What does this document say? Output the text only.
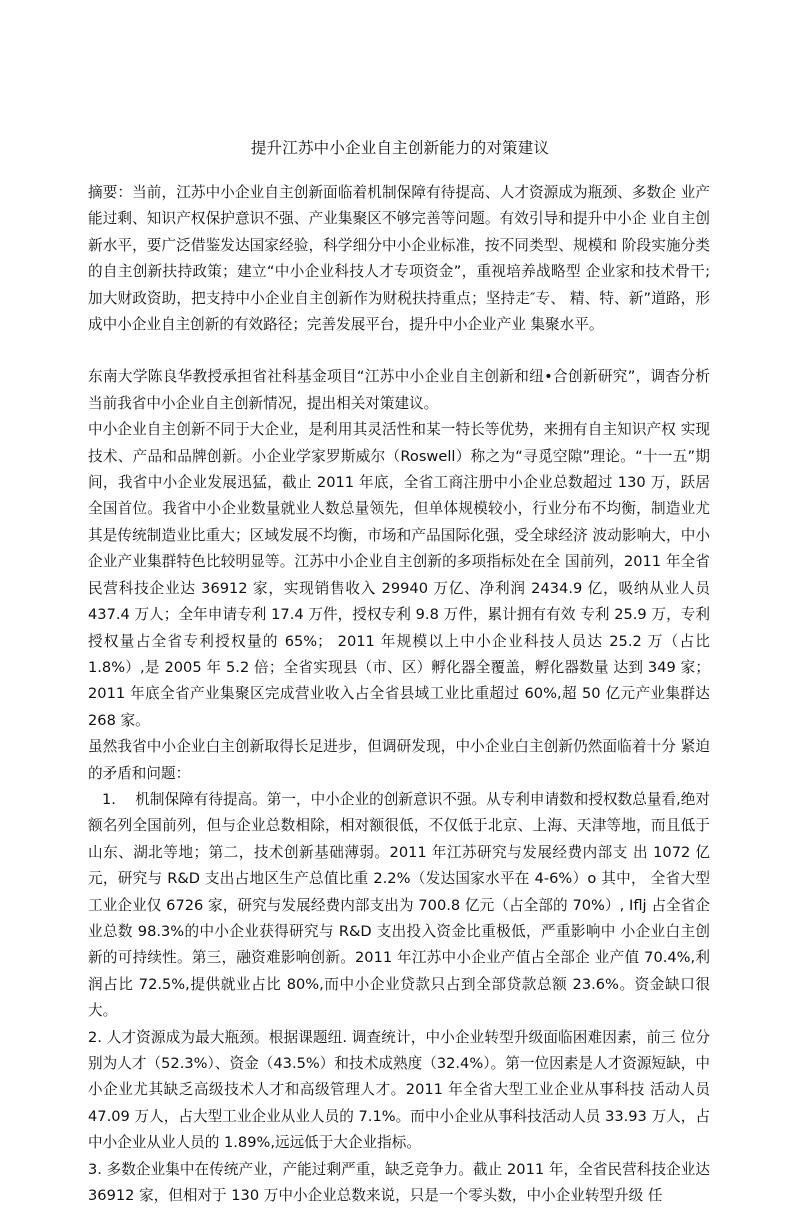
提升江苏中小企业自主创新能力的对策建议

摘要：当前，江苏中小企业自主创新面临着机制保障有待提高、人才资源成为瓶颈、多数企 业产能过剩、知识产权保护意识不强、产业集聚区不够完善等问题。有效引导和提升中小企 业自主创新水平，要广泛借鉴发达国家经验，科学细分中小企业标准，按不同类型、规模和 阶段实施分类的自主创新扶持政策；建立“中小企业科技人才专项资金”，重视培养战略型 企业家和技术骨干;加大财政资助，把支持中小企业自主创新作为财税扶持重点；坚持走″专、 精、特、新”道路，形成中小企业自主创新的有效路径；完善发展平台，提升中小企业产业 集聚水平。

东南大学陈良华教授承担省社科基金项目“江苏中小企业自主创新和纽•合创新研究”，调杳分析当前我省中小企业自主创新情况，提出相关对策建议。

中小企业自主创新不同于大企业，是利用其灵活性和某一特长等优势，来拥有自主知识产权 实现技术、产品和品牌创新。小企业学家罗斯威尔（Roswell）称之为“寻觅空隙”理论。“十一五”期间，我省中小企业发展迅猛，截止 2011 年底，全省工商注册中小企业总数超过 130 万，跃居全国首位。我省中小企业数量就业人数总量领先，但单体规模较小，行业分布不均衡，制造业尤其是传统制造业比重大；区域发展不均衡，市场和产品国际化强，受全球经济 波动影响大，中小企业产业集群特色比较明显等。江苏中小企业自主创新的多项指标处在全 国前列，2011 年全省民营科技企业达 36912 家，实现销售收入 29940 万亿、净利润 2434.9 亿，吸纳从业人员 437.4 万人；全年申请专利 17.4 万件，授权专利 9.8 万件，累计拥有有效 专利 25.9 万，专利授权量占全省专利授权量的 65%； 2011 年规模以上中小企业科技人员达 25.2 万（占比 1.8%）,是 2005 年 5.2 倍；全省实现县（市、区）孵化器全覆盖，孵化器数量 达到 349 家；2011 年底全省产业集聚区完成营业收入占全省县域工业比重超过 60%,超 50 亿元产业集群达 268 家。

虽然我省中小企业白主创新取得长足进步，但调研发现，中小企业白主创新仍然面临着十分 紧迫的矛盾和问题：

1.　 机制保障有待提高。第一，中小企业的创新意识不强。从专利申请数和授权数总量看,绝对额名列全国前列，但与企业总数相除，相对额很低，不仅低于北京、上海、天津等地，而且低于山东、湖北等地；第二，技术创新基础薄弱。2011 年江苏研究与发展经费内部支 出 1072 亿元，研究与 R&D 支出占地区生产总值比重 2.2%（发达国家水平在 4-6%）o 其中， 全省大型工业企业仅 6726 家，研究与发展经费内部支出为 700.8 亿元（占全部的 70%）, Iflj 占全省企业总数 98.3%的中小企业获得研究与 R&D 支出投入资金比重极低，严重影响中 小企业白主创新的可持续性。第三，融资难影响创新。2011 年江苏中小企业产值占全部企 业产值 70.4%,利润占比 72.5%,提供就业占比 80%,而中小企业贷款只占到全部贷款总额 23.6%。资金缺口很大。

2. 人才资源成为最大瓶颈。根据课题纽. 调查统计，中小企业转型升级面临困难因素，前三 位分别为人才（52.3%）、资金（43.5%）和技术成熟度（32.4%）。第一位因素是人才资源短缺，中小企业尤其缺乏高级技术人才和高级管理人才。2011 年全省大型工业企业从事科技 活动人员 47.09 万人，占大型工业企业从业人员的 7.1%。而中小企业从事科技活动人员 33.93 万人，占中小企业从业人员的 1.89%,远远低于大企业指标。

3. 多数企业集中在传统产业，产能过剩严重，缺乏竞争力。截止 2011 年，全省民营科技企业达 36912 家，但相对于 130 万中小企业总数来说，只是一个零头数，中小企业转型升级 任
